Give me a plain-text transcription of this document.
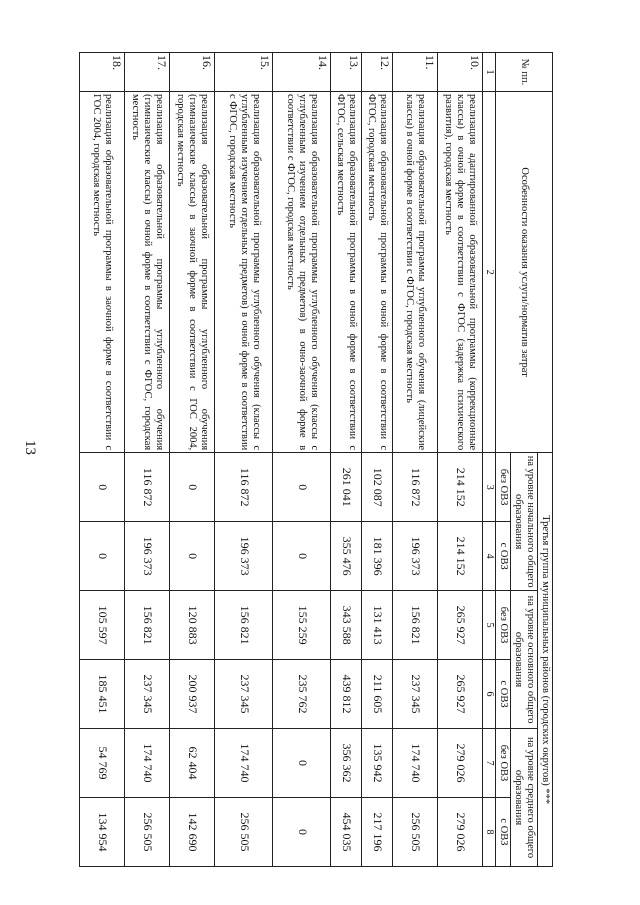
13
№ пп.	Особенности оказания услуги/норматив затрат	Третья группа муниципальных районов (городских округов) ***					
		на уровне начального общего образования		на уровне основного общего образования		на уровне среднего общего образования	
		без ОВЗ	с ОВЗ	без ОВЗ	с ОВЗ	без ОВЗ	с ОВЗ
1	2	3	4	5	6	7	8
10.	реализация адаптированной образовательной программы (коррекционные классы) в очной форме в соответствии с ФГОС (задержка психического развития), городская местность	214 152	214 152	265 927	265 927	279 026	279 026
11.	реализация образовательной программы углубленного обучения (лицейские классы) в очной форме в соответствии с ФГОС, городская местность	116 872	196 373	156 821	237 345	174 740	256 505
12.	реализация образовательной программы в очной форме в соответствии с ФГОС, городская местность	102 087	181 396	131 413	211 605	135 942	217 196
13.	реализация образовательной программы в очной форме в соответствии с ФГОС, сельская местность	261 041	355 476	343 588	439 812	356 362	454 035
14.	реализация образовательной программы углубленного обучения (классы с углубленным изучением отдельных предметов) в очно-заочной форме в соответствии с ФГОС, городская местность	0	0	155 259	235 762	0	0
15.	реализация образовательной программы углубленного обучения (классы с углубленным изучением отдельных предметов) в очной форме в соответствии с ФГОС, городская местность	116 872	196 373	156 821	237 345	174 740	256 505
16.	реализация образовательной программы углубленного обучения (гимназические классы) в заочной форме в соответствии с ГОС 2004, городская местность	0	0	120 883	200 937	62 404	142 690
17.	реализация образовательной программы углубленного обучения (гимназические классы) в очной форме в соответствии с ФГОС, городская местность	116 872	196 373	156 821	237 345	174 740	256 505
18.	реализация образовательной программы в заочной форме в соответствии с ГОС 2004, городская местность	0	0	105 597	185 451	54 769	134 954
